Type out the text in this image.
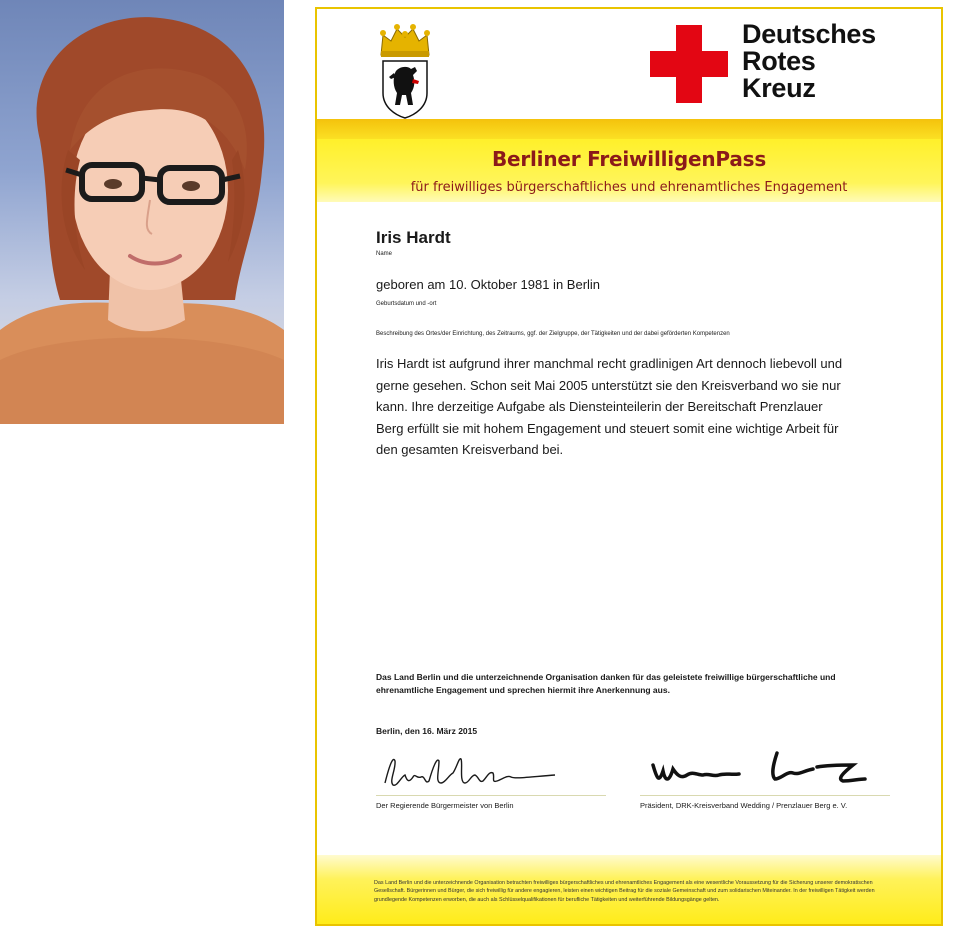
Deutsches
Rotes
Kreuz
Berliner FreiwilligenPass
für freiwilliges bürgerschaftliches und ehrenamtliches Engagement
Iris Hardt
Name
geboren am 10. Oktober 1981 in Berlin
Geburtsdatum und -ort
Beschreibung des Ortes/der Einrichtung, des Zeitraums, ggf. der Zielgruppe, der Tätigkeiten und der dabei geförderten Kompetenzen
Iris Hardt ist aufgrund ihrer manchmal recht gradlinigen Art dennoch liebevoll und gerne gesehen. Schon seit Mai 2005 unterstützt sie den Kreisverband wo sie nur kann. Ihre derzeitige Aufgabe als Diensteinteilerin der Bereitschaft Prenzlauer Berg erfüllt sie mit hohem Engagement und steuert somit eine wichtige Arbeit für den gesamten Kreisverband bei.
Das Land Berlin und die unterzeichnende Organisation danken für das geleistete freiwillige bürgerschaftliche und ehrenamtliche Engagement und sprechen hiermit ihre Anerkennung aus.
Berlin, den 16. März 2015
Der Regierende Bürgermeister von Berlin	Präsident, DRK-Kreisverband Wedding / Prenzlauer Berg e. V.
Das Land Berlin und die unterzeichnende Organisation betrachten freiwilliges bürgerschaftliches und ehrenamtliches Engagement als eine wesentliche Voraussetzung für die Sicherung unserer demokratischen Gesellschaft. Bürgerinnen und Bürger, die sich freiwillig für andere engagieren, leisten einen wichtigen Beitrag für die soziale Gemeinschaft und zum solidarischen Miteinander. In der freiwilligen Tätigkeit werden grundlegende Kompetenzen erworben, die auch als Schlüsselqualifikationen für berufliche Tätigkeiten und weiterführende Bildungsgänge gelten.
